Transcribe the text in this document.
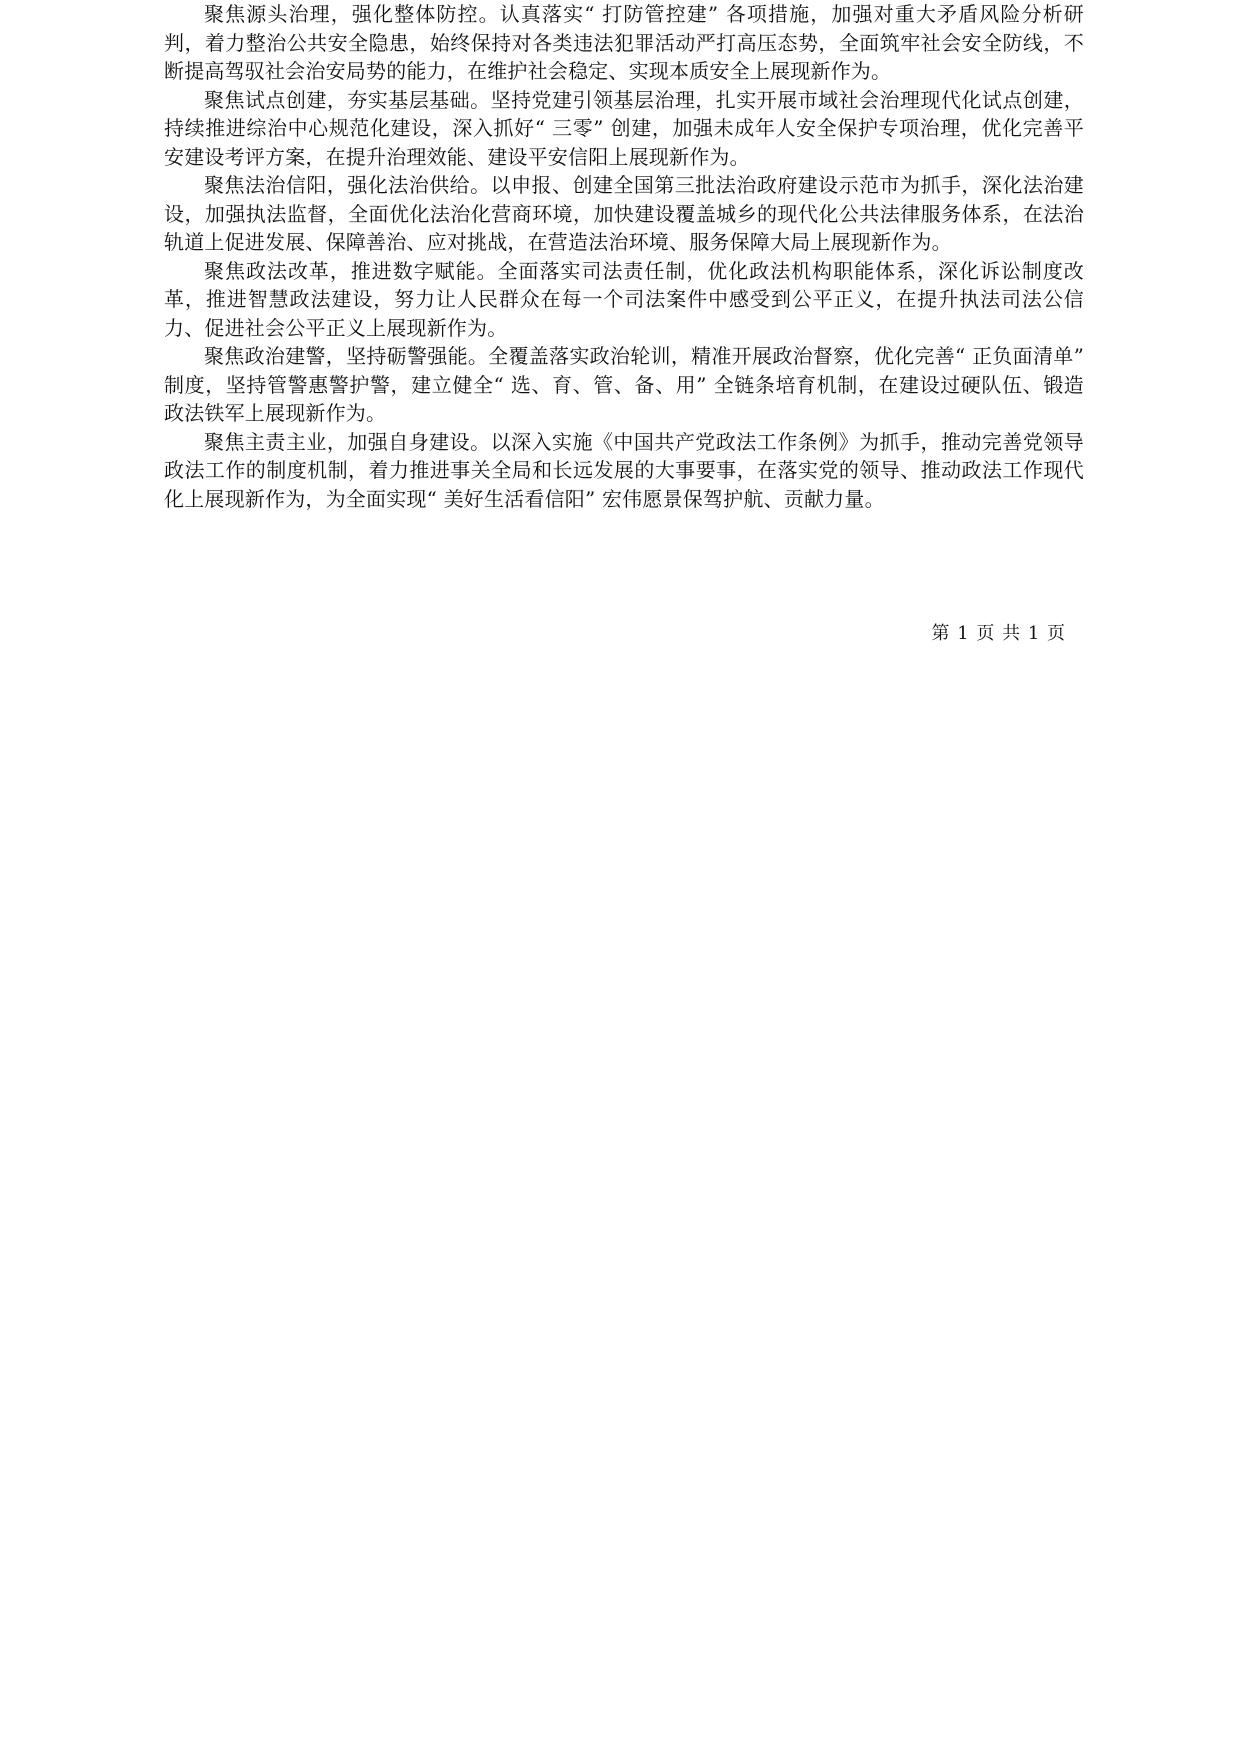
聚焦源头治理，强化整体防控。认真落实“ 打防管控建” 各项措施，加强对重大矛盾风险分析研判，着力整治公共安全隐患，始终保持对各类违法犯罪活动严打高压态势，全面筑牢社会安全防线，不断提高驾驭社会治安局势的能力，在维护社会稳定、实现本质安全上展现新作为。

聚焦试点创建，夯实基层基础。坚持党建引领基层治理，扎实开展市域社会治理现代化试点创建，持续推进综治中心规范化建设，深入抓好“ 三零” 创建，加强未成年人安全保护专项治理，优化完善平安建设考评方案，在提升治理效能、建设平安信阳上展现新作为。

聚焦法治信阳，强化法治供给。以申报、创建全国第三批法治政府建设示范市为抓手，深化法治建设，加强执法监督，全面优化法治化营商环境，加快建设覆盖城乡的现代化公共法律服务体系，在法治轨道上促进发展、保障善治、应对挑战，在营造法治环境、服务保障大局上展现新作为。

聚焦政法改革，推进数字赋能。全面落实司法责任制，优化政法机构职能体系，深化诉讼制度改革，推进智慧政法建设，努力让人民群众在每一个司法案件中感受到公平正义，在提升执法司法公信力、促进社会公平正义上展现新作为。

聚焦政治建警，坚持砺警强能。全覆盖落实政治轮训，精准开展政治督察，优化完善“ 正负面清单” 制度，坚持管警惠警护警，建立健全“ 选、育、管、备、用” 全链条培育机制，在建设过硬队伍、锻造政法铁军上展现新作为。

聚焦主责主业，加强自身建设。以深入实施《中国共产党政法工作条例》为抓手，推动完善党领导政法工作的制度机制，着力推进事关全局和长远发展的大事要事，在落实党的领导、推动政法工作现代化上展现新作为，为全面实现“ 美好生活看信阳” 宏伟愿景保驾护航、贡献力量。

第 1 页 共 1 页
